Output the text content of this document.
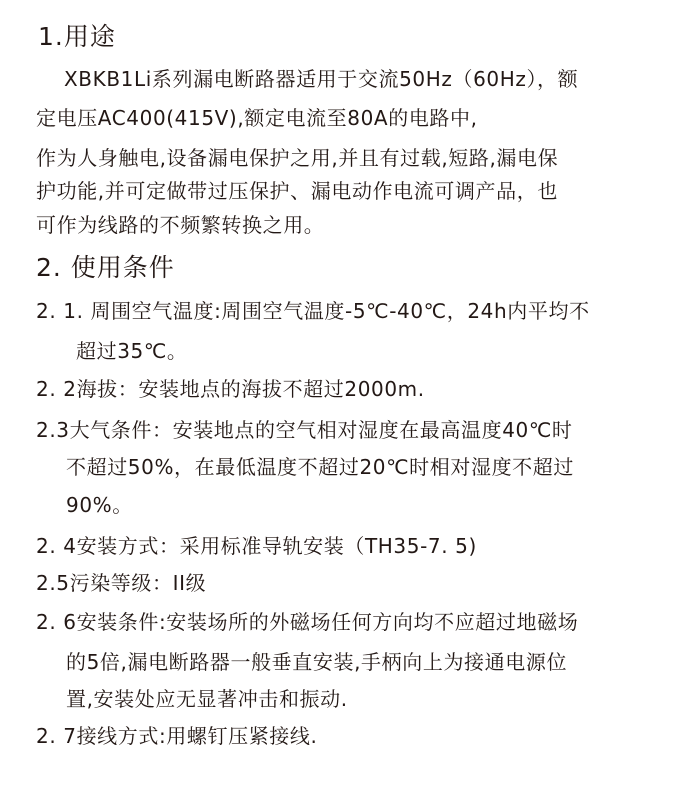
1.用途
XBKB1Li系列漏电断路器适用于交流50Hz（60Hz），额
定电压AC400(415V),额定电流至80A的电路中,
作为人身触电,设备漏电保护之用,并且有过载,短路,漏电保
护功能,并可定做带过压保护、漏电动作电流可调产品，也
可作为线路的不频繁转换之用。
2. 使用条件
2. 1. 周围空气温度:周围空气温度-5℃-40℃，24h内平均不
超过35℃。
2. 2海拔：安装地点的海拔不超过2000m.
2.3大气条件：安装地点的空气相对湿度在最高温度40℃时
不超过50%，在最低温度不超过20℃时相对湿度不超过
90%。
2. 4安装方式：采用标准导轨安装（TH35-7. 5)
2.5污染等级：II级
2. 6安装条件:安装场所的外磁场任何方向均不应超过地磁场
的5倍,漏电断路器一般垂直安装,手柄向上为接通电源位
置,安装处应无显著冲击和振动.
2. 7接线方式:用螺钉压紧接线.
